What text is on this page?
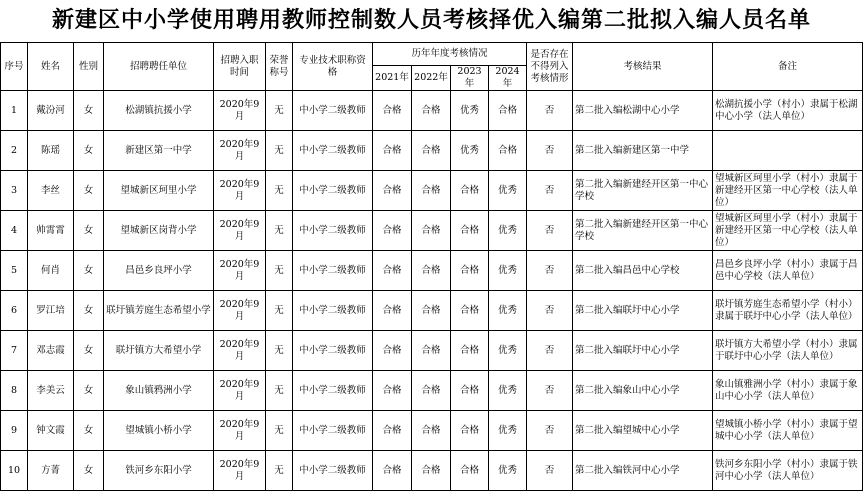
新建区中小学使用聘用教师控制数人员考核择优入编第二批拟入编人员名单
序号	姓名	性别	招聘聘任单位	招聘入职时间	荣誉称号	专业技术职称资格	历年年度考核情况				是否存在不得列入考核情形	考核结果	备注
							2021年	2022年	2023年	2024年			
1	戴汾河	女	松湖镇抗援小学	2020年9月	无	中小学二级教师	合格	合格	优秀	合格	否	第二批入编松湖中心小学	松湖抗援小学（村小）隶属于松湖中心小学（法人单位）
2	陈瑶	女	新建区第一中学	2020年9月	无	中小学二级教师	合格	合格	优秀	合格	否	第二批入编新建区第一中学	
3	李丝	女	望城新区珂里小学	2020年9月	无	中小学二级教师	合格	合格	合格	优秀	否	第二批入编新建经开区第一中心学校	望城新区珂里小学（村小）隶属于新建经开区第一中心学校（法人单位）
4	帅霄霄	女	望城新区岗背小学	2020年9月	无	中小学二级教师	合格	合格	合格	优秀	否	第二批入编新建经开区第一中心学校	望城新区珂里小学（村小）隶属于新建经开区第一中心学校（法人单位）
5	何肖	女	昌邑乡良坪小学	2020年9月	无	中小学二级教师	合格	合格	合格	优秀	否	第二批入编昌邑中心学校	昌邑乡良坪小学（村小）隶属于昌邑中心学校（法人单位）
6	罗江培	女	联圩镇芳庭生态希望小学	2020年9月	无	中小学二级教师	合格	合格	合格	优秀	否	第二批入编联圩中心小学	联圩镇芳庭生态希望小学（村小）隶属于联圩中心小学（法人单位）
7	邓志霞	女	联圩镇方大希望小学	2020年9月	无	中小学二级教师	合格	合格	合格	优秀	否	第二批入编联圩中心小学	联圩镇方大希望小学（村小）隶属于联圩中心小学（法人单位）
8	李美云	女	象山镇鸦洲小学	2020年9月	无	中小学二级教师	合格	合格	合格	优秀	否	第二批入编象山中心小学	象山镇雅洲小学（村小）隶属于象山中心小学（法人单位）
9	钟文霞	女	望城镇小桥小学	2020年9月	无	中小学二级教师	合格	合格	合格	优秀	否	第二批入编望城中心小学	望城镇小桥小学（村小）隶属于望城中心小学（法人单位）
10	方菁	女	铁河乡东阳小学	2020年9月	无	中小学二级教师	合格	合格	合格	优秀	否	第二批入编铁河中心小学	铁河乡东阳小学（村小）隶属于铁河中心小学（法人单位）
